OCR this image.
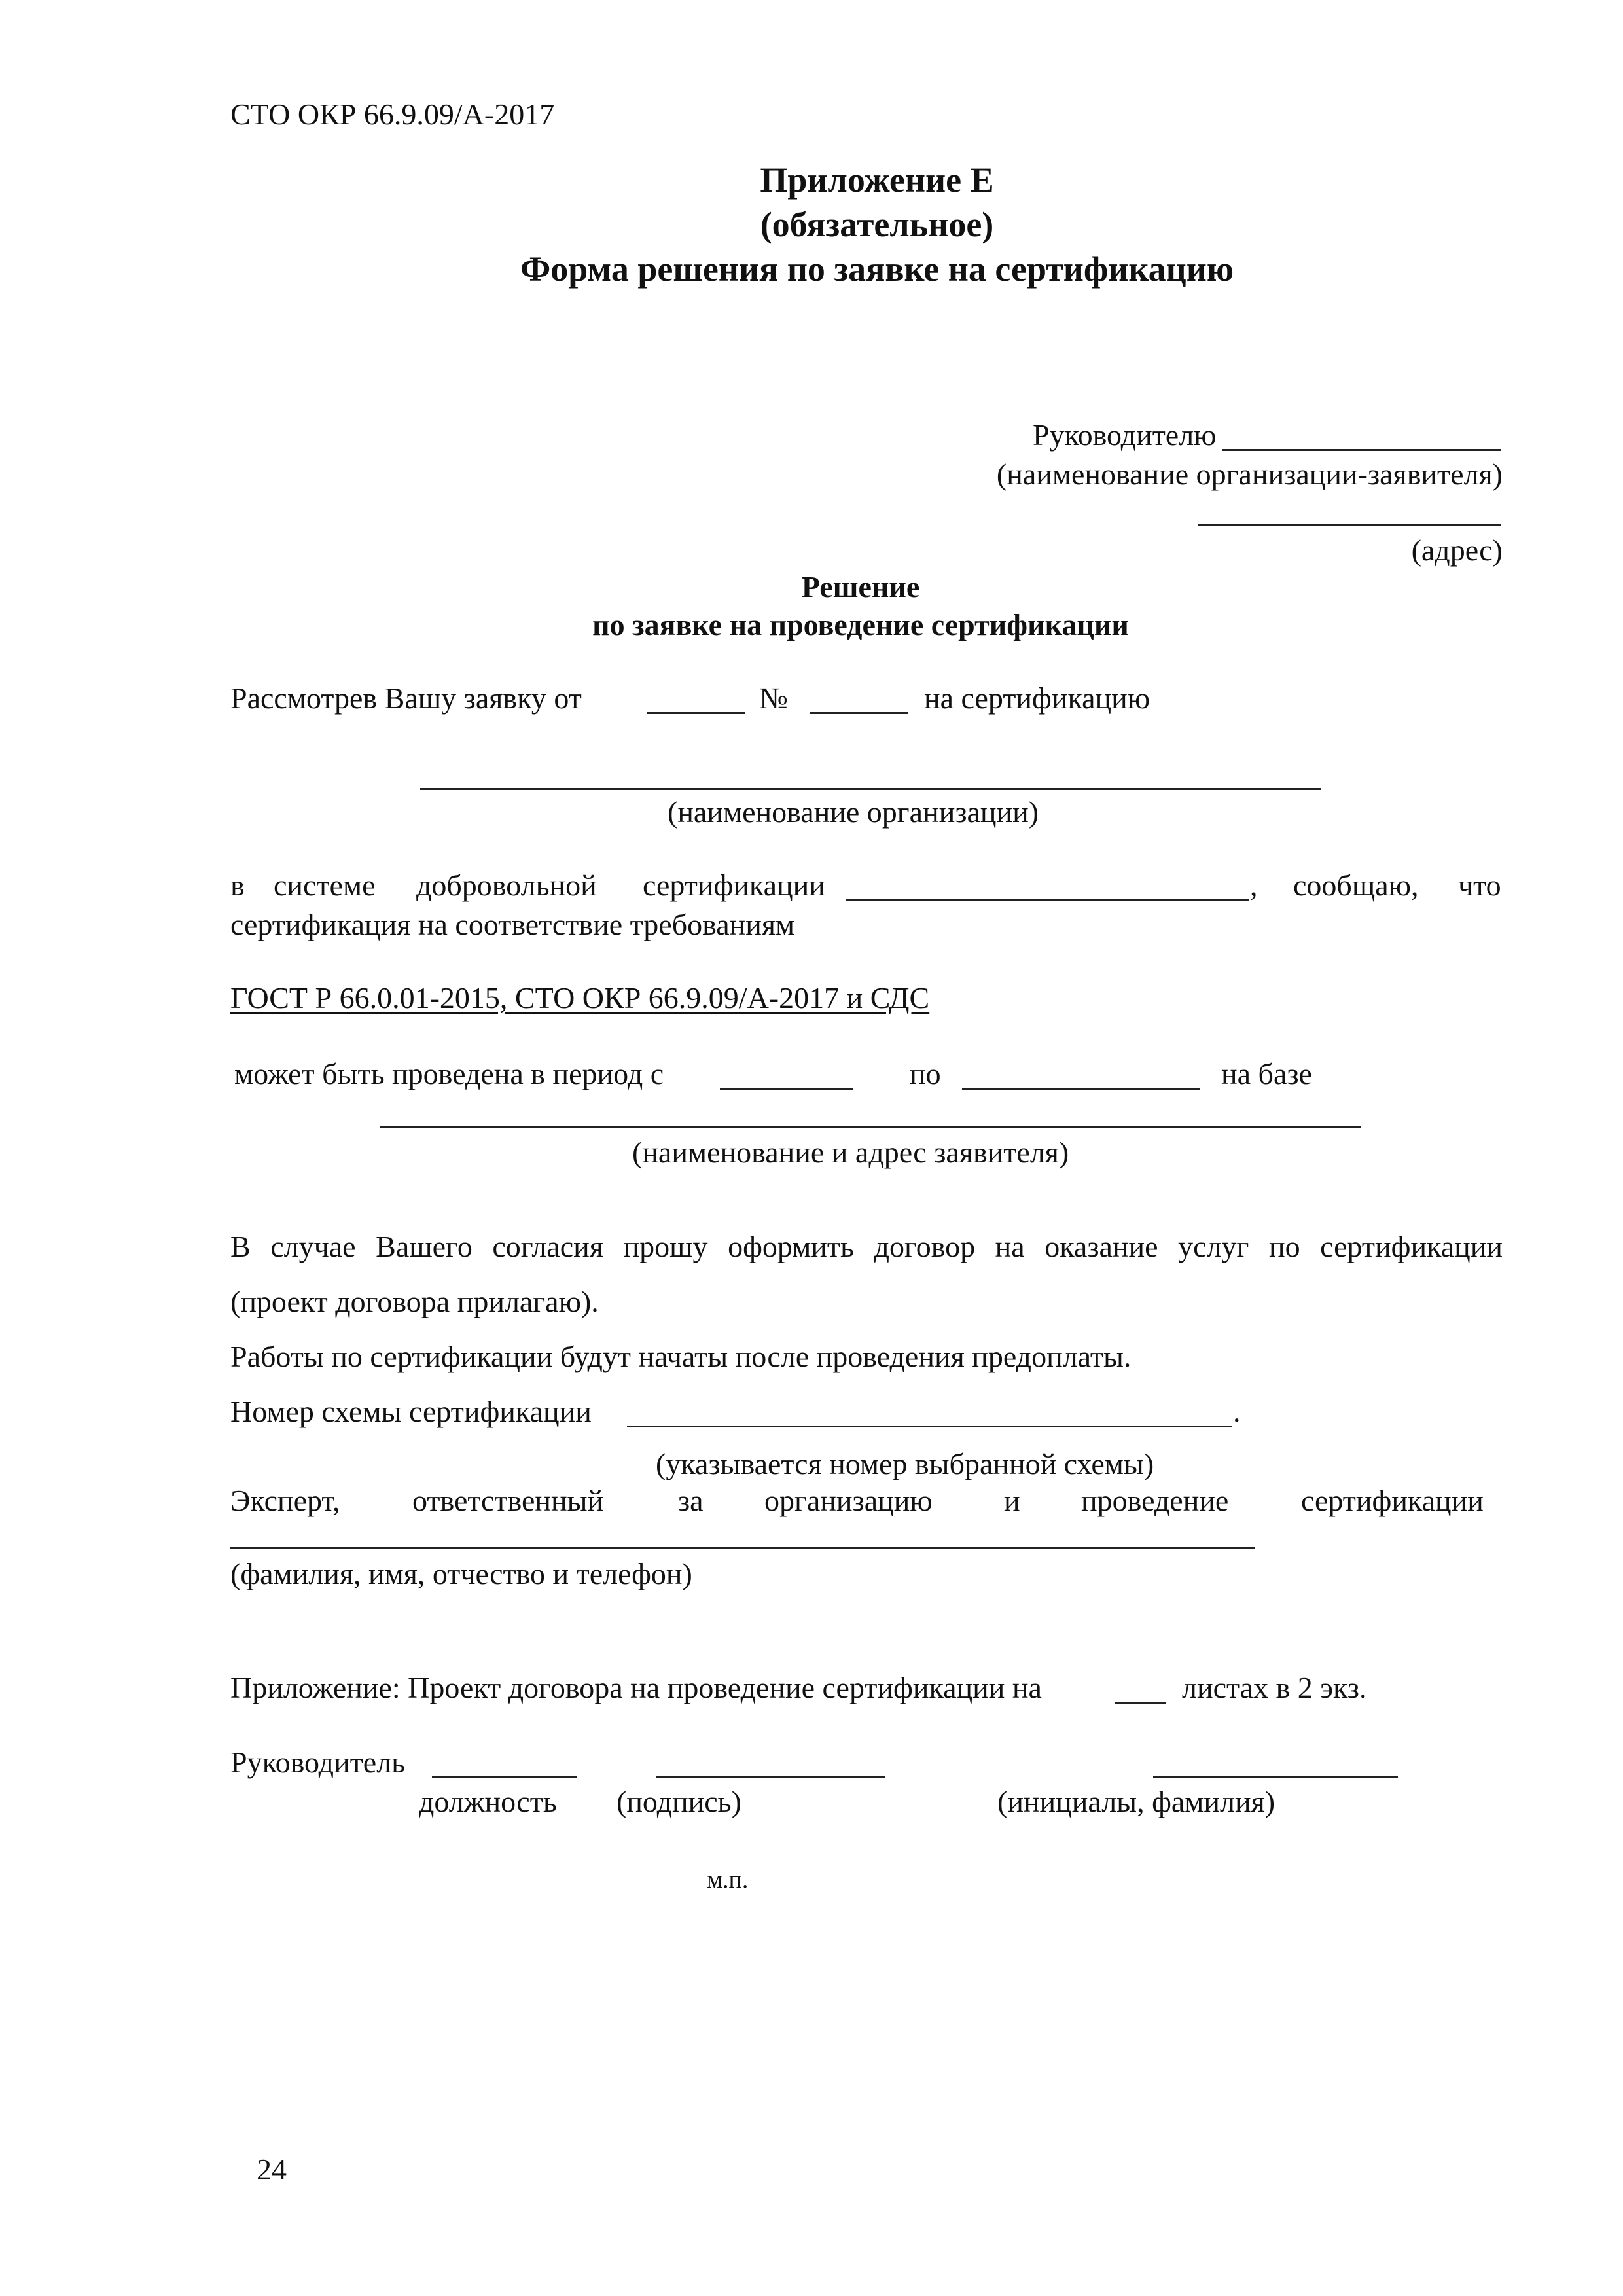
СТО ОКР 66.9.09/А-2017
Приложение Е
(обязательное)
Форма решения по заявке на сертификацию
Руководителю
(наименование организации-заявителя)
(адрес)
Решение
по заявке на проведение сертификации
Рассмотрев Вашу заявку от	№	на сертификацию
(наименование организации)
в системе добровольной сертификации	, сообщаю, что
сертификация на соответствие требованиям
ГОСТ Р 66.0.01-2015, СТО ОКР 66.9.09/А-2017 и СДС
может быть проведена в период с	по	на базе
(наименование и адрес заявителя)
В случае Вашего согласия прошу оформить договор на оказание услуг по сертификации
(проект договора прилагаю).
Работы по сертификации будут начаты после проведения предоплаты.
Номер схемы сертификации	.
(указывается номер выбранной схемы)
Эксперт, ответственный за организацию и проведение сертификации
(фамилия, имя, отчество и телефон)
Приложение: Проект договора на проведение сертификации на	листах в 2 экз.
Руководитель
должность (подпись)	(инициалы, фамилия)
м.п.
24
